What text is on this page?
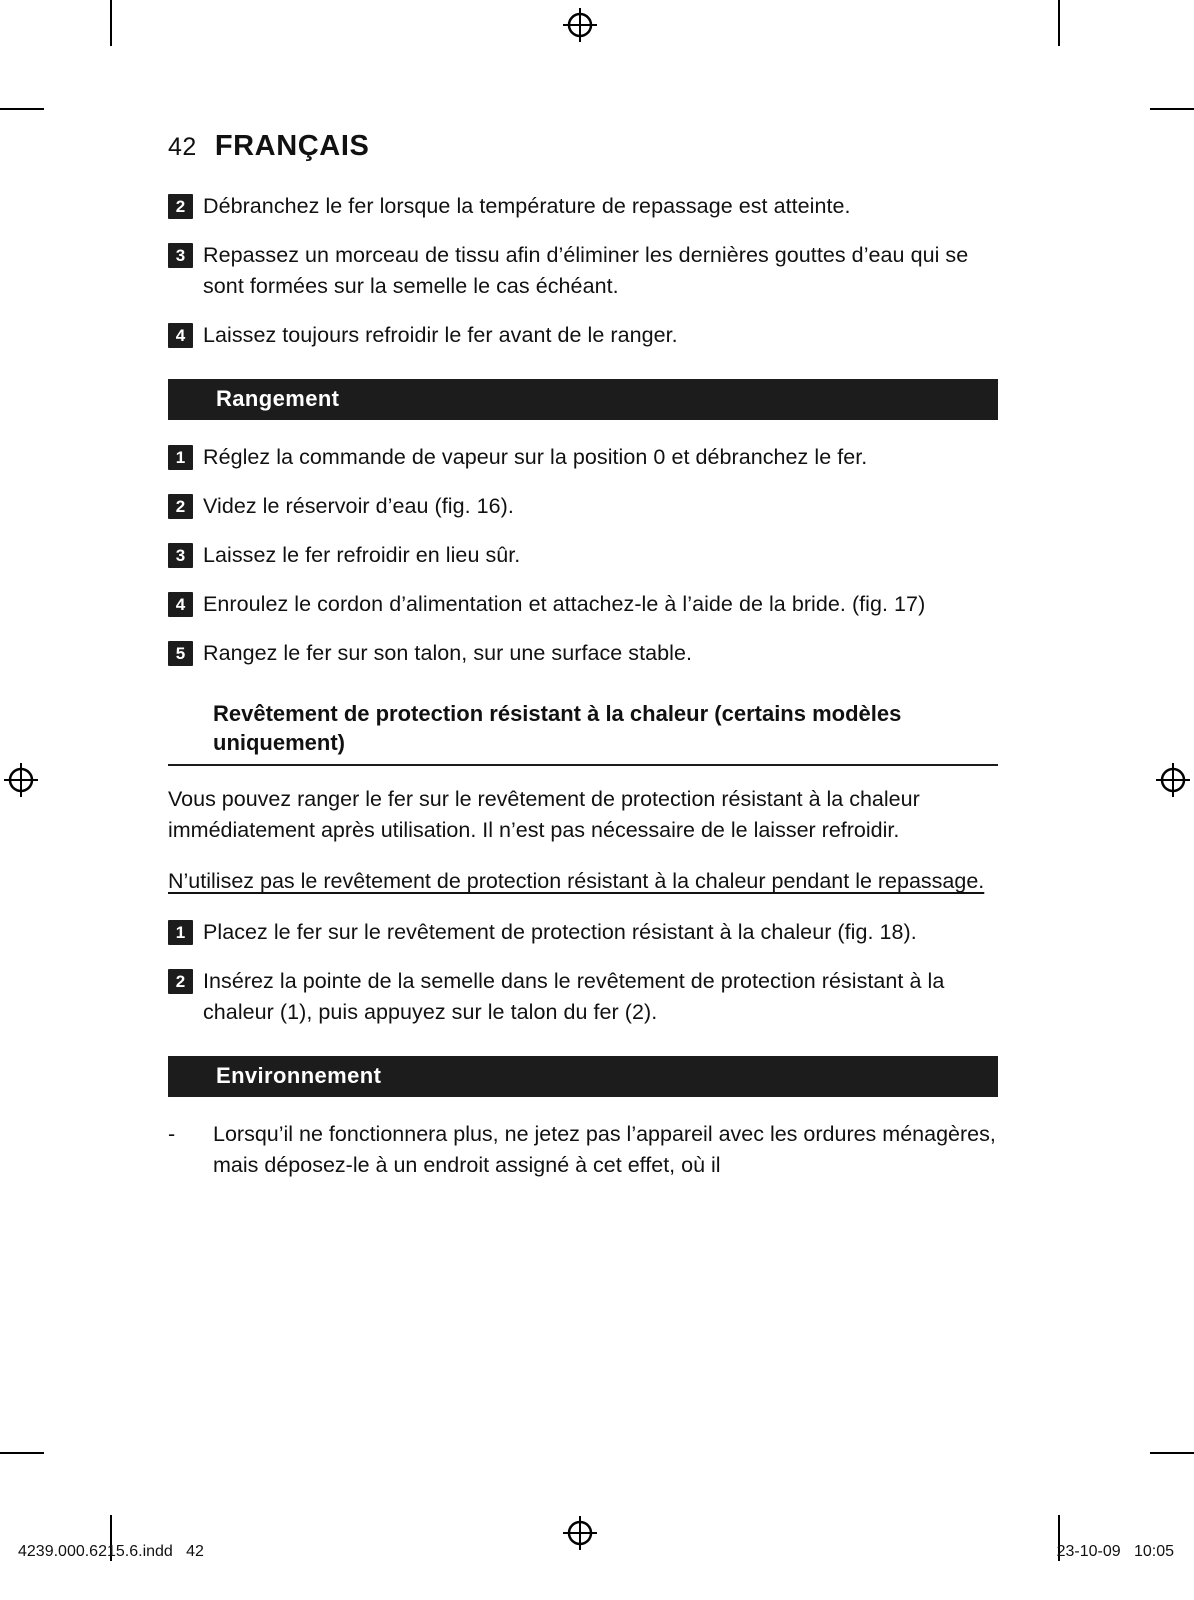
42 FRANÇAIS
2 Débranchez le fer lorsque la température de repassage est atteinte.
3 Repassez un morceau de tissu afin d’éliminer les dernières gouttes d’eau qui se sont formées sur la semelle le cas échéant.
4 Laissez toujours refroidir le fer avant de le ranger.
Rangement
1 Réglez la commande de vapeur sur la position 0 et débranchez le fer.
2 Videz le réservoir d’eau (fig. 16).
3 Laissez le fer refroidir en lieu sûr.
4 Enroulez le cordon d’alimentation et attachez-le à l’aide de la bride. (fig. 17)
5 Rangez le fer sur son talon, sur une surface stable.
Revêtement de protection résistant à la chaleur (certains modèles uniquement)
Vous pouvez ranger le fer sur le revêtement de protection résistant à la chaleur immédiatement après utilisation. Il n’est pas nécessaire de le laisser refroidir.
N’utilisez pas le revêtement de protection résistant à la chaleur pendant le repassage.
1 Placez le fer sur le revêtement de protection résistant à la chaleur (fig. 18).
2 Insérez la pointe de la semelle dans le revêtement de protection résistant à la chaleur (1), puis appuyez sur le talon du fer (2).
Environnement
-	Lorsqu’il ne fonctionnera plus, ne jetez pas l’appareil avec les ordures ménagères, mais déposez-le à un endroit assigné à cet effet, où il
4239.000.6215.6.indd   42	23-10-09   10:05
